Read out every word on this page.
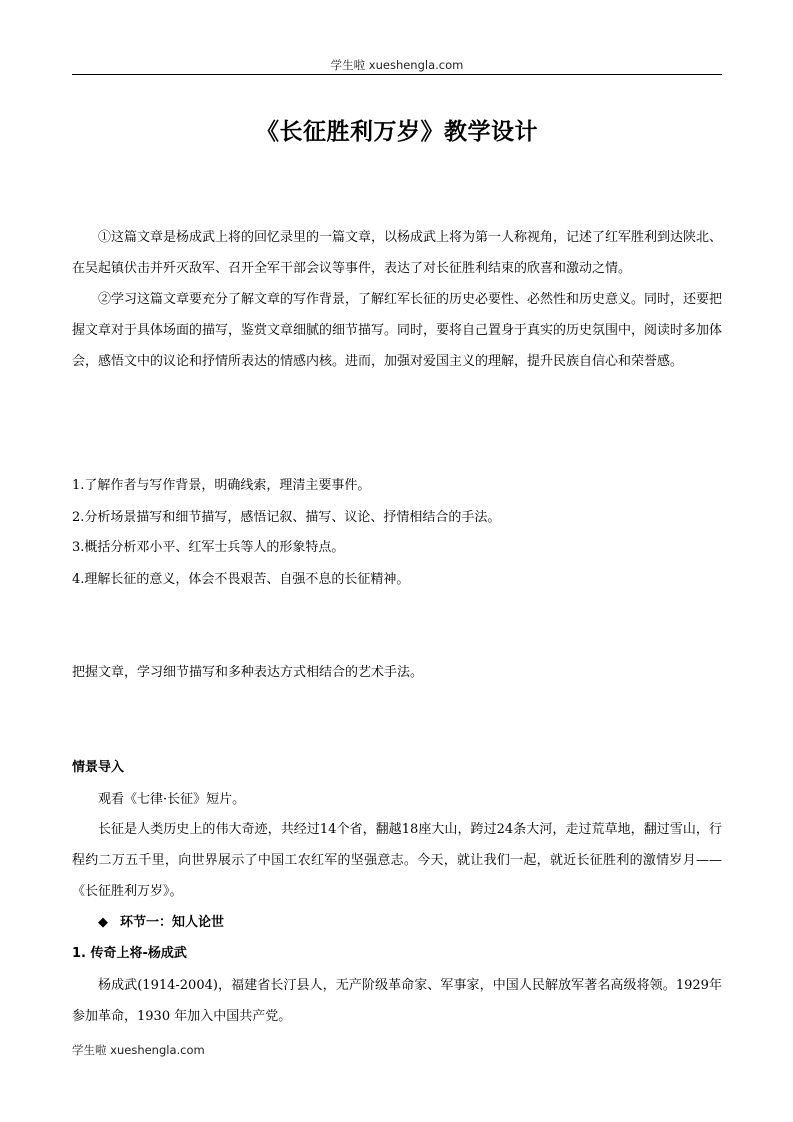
学生啦 xueshengla.com
《长征胜利万岁》教学设计
①这篇文章是杨成武上将的回忆录里的一篇文章，以杨成武上将为第一人称视角，记述了红军胜利到达陕北、在吴起镇伏击并歼灭敌军、召开全军干部会议等事件，表达了对长征胜利结束的欣喜和激动之情。
②学习这篇文章要充分了解文章的写作背景，了解红军长征的历史必要性、必然性和历史意义。同时，还要把握文章对于具体场面的描写，鉴赏文章细腻的细节描写。同时，要将自己置身于真实的历史氛围中，阅读时多加体会，感悟文中的议论和抒情所表达的情感内核。进而，加强对爱国主义的理解，提升民族自信心和荣誉感。
1.了解作者与写作背景，明确线索，理清主要事件。
2.分析场景描写和细节描写，感悟记叙、描写、议论、抒情相结合的手法。
3.概括分析邓小平、红军士兵等人的形象特点。
4.理解长征的意义，体会不畏艰苦、自强不息的长征精神。
把握文章，学习细节描写和多种表达方式相结合的艺术手法。
情景导入
观看《七律·长征》短片。
长征是人类历史上的伟大奇迹，共经过14个省，翻越18座大山，跨过24条大河，走过荒草地，翻过雪山，行程约二万五千里，向世界展示了中国工农红军的坚强意志。今天，就让我们一起，就近长征胜利的激情岁月——《长征胜利万岁》。
◆ 环节一：知人论世
1. 传奇上将-杨成武
杨成武(1914-2004)，福建省长汀县人，无产阶级革命家、军事家，中国人民解放军著名高级将领。1929年参加革命，1930 年加入中国共产党。
学生啦 xueshengla.com
